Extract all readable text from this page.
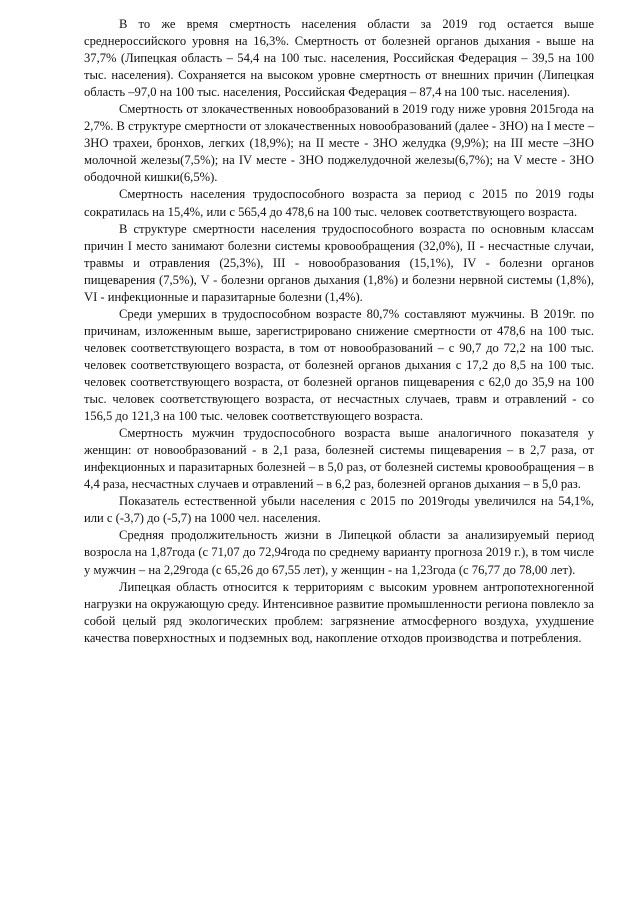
В то же время смертность населения области за 2019 год остается выше среднероссийского уровня на 16,3%. Смертность от болезней органов дыхания - выше на 37,7% (Липецкая область – 54,4 на 100 тыс. населения, Российская Федерация – 39,5 на 100 тыс. населения). Сохраняется на высоком уровне смертность от внешних причин (Липецкая область –97,0 на 100 тыс. населения, Российская Федерация – 87,4 на 100 тыс. населения).

Смертность от злокачественных новообразований в 2019 году ниже уровня 2015года на 2,7%. В структуре смертности от злокачественных новообразований (далее - ЗНО) на I месте – ЗНО трахеи, бронхов, легких (18,9%); на II месте - ЗНО желудка (9,9%); на III месте –ЗНО молочной железы(7,5%); на IV месте - ЗНО поджелудочной железы(6,7%); на V месте - ЗНО ободочной кишки(6,5%).

Смертность населения трудоспособного возраста за период с 2015 по 2019 годы сократилась на 15,4%, или с 565,4 до 478,6 на 100 тыс. человек соответствующего возраста.

В структуре смертности населения трудоспособного возраста по основным классам причин I место занимают болезни системы кровообращения (32,0%), II - несчастные случаи, травмы и отравления (25,3%), III - новообразования (15,1%), IV - болезни органов пищеварения (7,5%), V - болезни органов дыхания (1,8%) и болезни нервной системы (1,8%), VI - инфекционные и паразитарные болезни (1,4%).

Среди умерших в трудоспособном возрасте 80,7% составляют мужчины. В 2019г. по причинам, изложенным выше, зарегистрировано снижение смертности от 478,6 на 100 тыс. человек соответствующего возраста, в том от новообразований – с 90,7 до 72,2 на 100 тыс. человек соответствующего возраста, от болезней органов дыхания с 17,2 до 8,5 на 100 тыс. человек соответствующего возраста, от болезней органов пищеварения с 62,0 до 35,9 на 100 тыс. человек соответствующего возраста, от несчастных случаев, травм и отравлений - со 156,5 до 121,3 на 100 тыс. человек соответствующего возраста.

Смертность мужчин трудоспособного возраста выше аналогичного показателя у женщин: от новообразований - в 2,1 раза, болезней системы пищеварения – в 2,7 раза, от инфекционных и паразитарных болезней – в 5,0 раз, от болезней системы кровообращения – в 4,4 раза, несчастных случаев и отравлений – в 6,2 раз, болезней органов дыхания – в 5,0 раз.

Показатель естественной убыли населения с 2015 по 2019годы увеличился на 54,1%, или с (-3,7) до (-5,7) на 1000 чел. населения.

Средняя продолжительность жизни в Липецкой области за анализируемый период возросла на 1,87года (с 71,07 до 72,94года по среднему варианту прогноза 2019 г.), в том числе у мужчин – на 2,29года (с 65,26 до 67,55 лет), у женщин - на 1,23года (с 76,77 до 78,00 лет).

Липецкая область относится к территориям с высоким уровнем антропотехногенной нагрузки на окружающую среду. Интенсивное развитие промышленности региона повлекло за собой целый ряд экологических проблем: загрязнение атмосферного воздуха, ухудшение качества поверхностных и подземных вод, накопление отходов производства и потребления.
